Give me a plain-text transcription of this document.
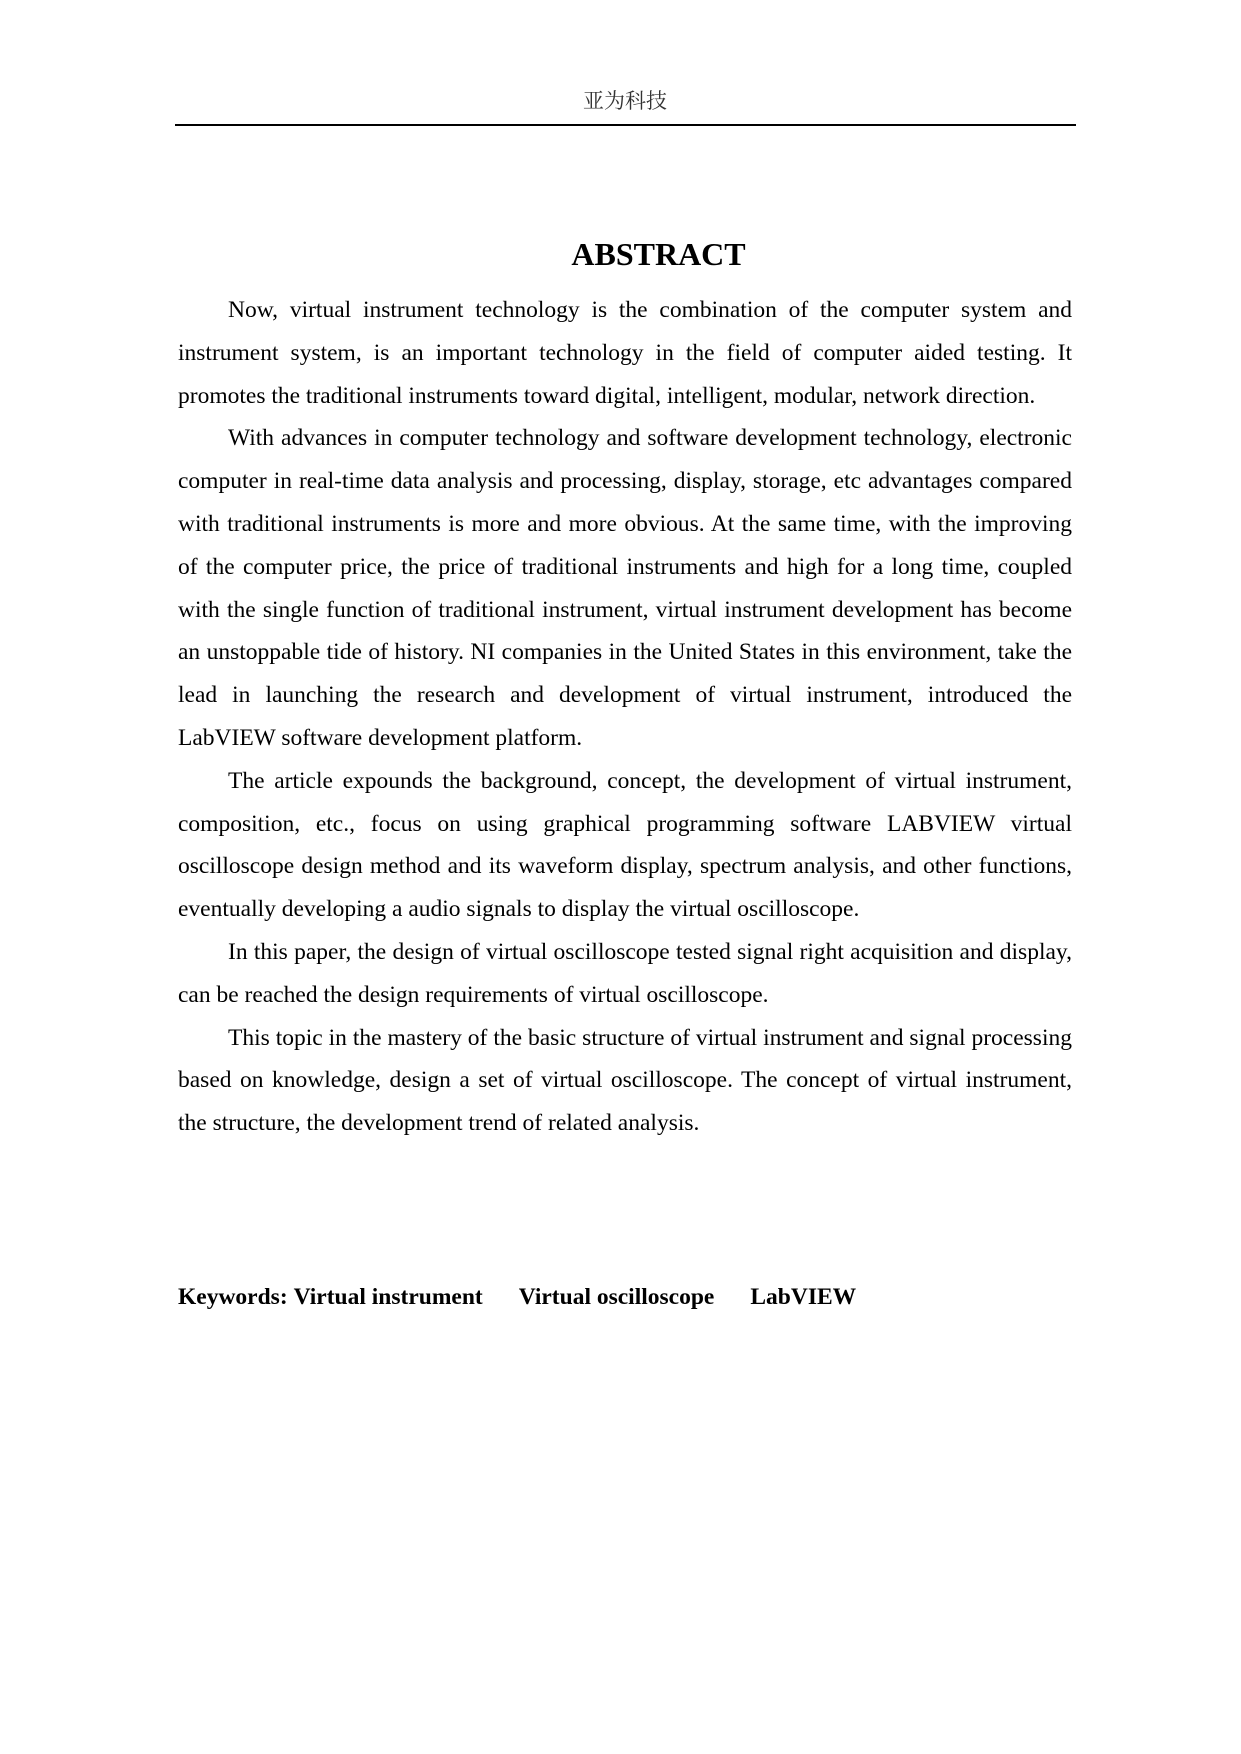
亚为科技
ABSTRACT

Now, virtual instrument technology is the combination of the computer system and instrument system, is an important technology in the field of computer aided testing. It promotes the traditional instruments toward digital, intelligent, modular, network direction.

With advances in computer technology and software development technology, electronic computer in real-time data analysis and processing, display, storage, etc advantages compared with traditional instruments is more and more obvious. At the same time, with the improving of the computer price, the price of traditional instruments and high for a long time, coupled with the single function of traditional instrument, virtual instrument development has become an unstoppable tide of history. NI companies in the United States in this environment, take the lead in launching the research and development of virtual instrument, introduced the LabVIEW software development platform.

The article expounds the background, concept, the development of virtual instrument, composition, etc., focus on using graphical programming software LABVIEW virtual oscilloscope design method and its waveform display, spectrum analysis, and other functions, eventually developing a audio signals to display the virtual oscilloscope.

In this paper, the design of virtual oscilloscope tested signal right acquisition and display, can be reached the design requirements of virtual oscilloscope.

This topic in the mastery of the basic structure of virtual instrument and signal processing based on knowledge, design a set of virtual oscilloscope. The concept of virtual instrument, the structure, the development trend of related analysis.

Keywords: Virtual instrument Virtual oscilloscope LabVIEW
